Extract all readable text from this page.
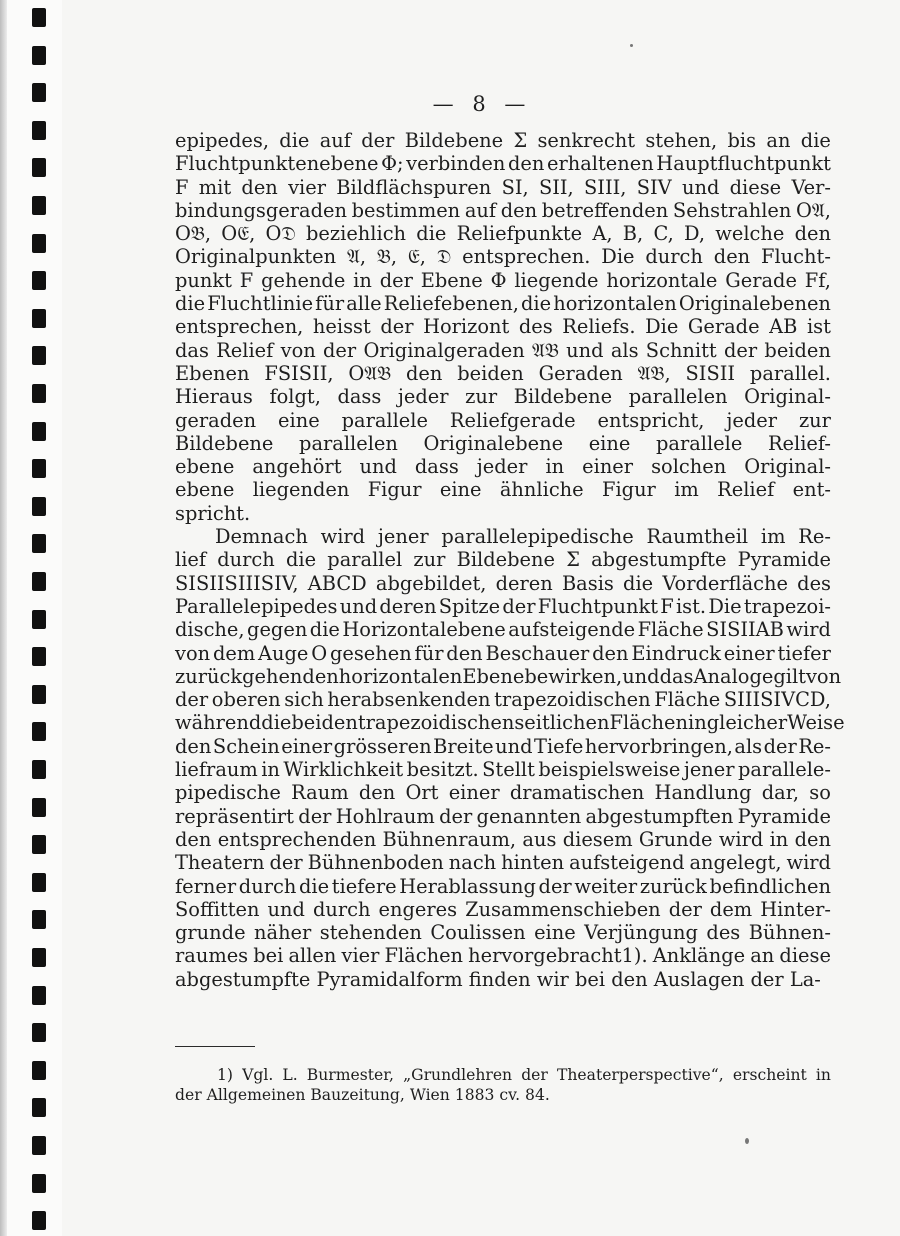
— 8 —
epipedes, die auf der Bildebene Σ senkrecht stehen, bis an die
Fluchtpunktenebene Φ; verbinden den erhaltenen Hauptfluchtpunkt
F mit den vier Bildflächspuren SI, SII, SIII, SIV und diese Ver-
bindungsgeraden bestimmen auf den betreffenden Sehstrahlen O𝔄,
O𝔅, O𝔈, O𝔇 beziehlich die Reliefpunkte A, B, C, D, welche den
Originalpunkten 𝔄, 𝔅, 𝔈, 𝔇 entsprechen. Die durch den Flucht-
punkt F gehende in der Ebene Φ liegende horizontale Gerade Ff,
die Fluchtlinie für alle Reliefebenen, die horizontalen Originalebenen
entsprechen, heisst der Horizont des Reliefs. Die Gerade AB ist
das Relief von der Originalgeraden 𝔄𝔅 und als Schnitt der beiden
Ebenen FSISII, O𝔄𝔅 den beiden Geraden 𝔄𝔅, SISII parallel.
Hieraus folgt, dass jeder zur Bildebene parallelen Original-
geraden eine parallele Reliefgerade entspricht, jeder zur
Bildebene parallelen Originalebene eine parallele Relief-
ebene angehört und dass jeder in einer solchen Original-
ebene liegenden Figur eine ähnliche Figur im Relief ent-
spricht.
Demnach wird jener parallelepipedische Raumtheil im Re-
lief durch die parallel zur Bildebene Σ abgestumpfte Pyramide
SISIISIIISIV, ABCD abgebildet, deren Basis die Vorderfläche des
Parallelepipedes und deren Spitze der Fluchtpunkt F ist. Die trapezoi-
dische, gegen die Horizontalebene aufsteigende Fläche SISIIAB wird
von dem Auge O gesehen für den Beschauer den Eindruck einer tiefer
zurückgehenden horizontalen Ebene bewirken, und das Analoge gilt von
der oberen sich herabsenkenden trapezoidischen Fläche SIIISIVCD,
während die beiden trapezoidischen seitlichen Flächen in gleicher Weise
den Schein einer grösseren Breite und Tiefe hervorbringen, als der Re-
liefraum in Wirklichkeit besitzt. Stellt beispielsweise jener parallele-
pipedische Raum den Ort einer dramatischen Handlung dar, so
repräsentirt der Hohlraum der genannten abgestumpften Pyramide
den entsprechenden Bühnenraum, aus diesem Grunde wird in den
Theatern der Bühnenboden nach hinten aufsteigend angelegt, wird
ferner durch die tiefere Herablassung der weiter zurück befindlichen
Soffitten und durch engeres Zusammenschieben der dem Hinter-
grunde näher stehenden Coulissen eine Verjüngung des Bühnen-
raumes bei allen vier Flächen hervorgebracht1). Anklänge an diese
abgestumpfte Pyramidalform finden wir bei den Auslagen der La-
1) Vgl. L. Burmester, „Grundlehren der Theaterperspective“, erscheint in
der Allgemeinen Bauzeitung, Wien 1883 cv. 84.
